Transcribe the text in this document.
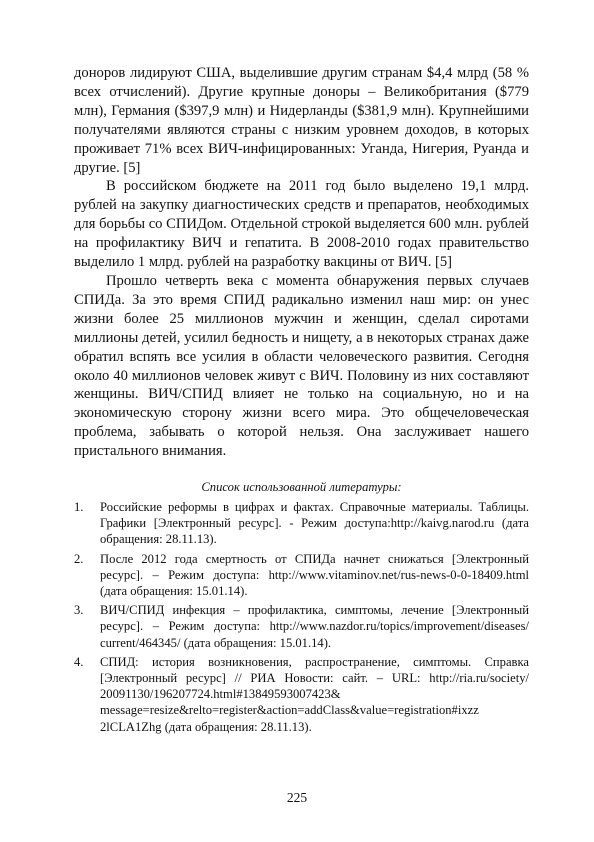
донoров лидируют США, выделившие другим странам $4,4 млрд (58 % всех отчислений). Другие крупные доноры – Великобритания ($779 млн), Германия ($397,9 млн) и Нидерланды ($381,9 млн). Крупнейшими получателями являются страны с низким уровнем доходов, в которых проживает 71% всех ВИЧ-инфицированных: Уганда, Нигерия, Руанда и другие. [5]

В российском бюджете на 2011 год было выделено 19,1 млрд. рублей на закупку диагностических средств и препаратов, необходимых для борьбы со СПИДом. Отдельной строкой выделяется 600 млн. рублей на профилактику ВИЧ и гепатита. В 2008-2010 годах правительство выделило 1 млрд. рублей на разработку вакцины от ВИЧ. [5]

Прошло четверть века с момента обнаружения первых случаев СПИДа. За это время СПИД радикально изменил наш мир: он унес жизни более 25 миллионов мужчин и женщин, сделал сиротами миллионы детей, усилил бедность и нищету, а в некоторых странах даже обратил вспять все усилия в области человеческого развития. Сегодня около 40 миллионов человек живут с ВИЧ. Половину из них составляют женщины. ВИЧ/СПИД влияет не только на социальную, но и на экономическую сторону жизни всего мира. Это общечеловеческая проблема, забывать о которой нельзя. Она заслуживает нашего пристального внимания.

Список использованной литературы:
1. Российские реформы в цифрах и фактах. Справочные материалы. Таблицы. Графики [Электронный ресурс]. - Режим доступа:http://kaivg.narod.ru (дата обращения: 28.11.13).
2. После 2012 года смертность от СПИДа начнет снижаться [Электронный ресурс]. – Режим доступа: http://www.vitaminov.net/rus-news-0-0-18409.html (дата обращения: 15.01.14).
3. ВИЧ/СПИД инфекция – профилактика, симптомы, лечение [Электронный ресурс]. – Режим доступа: http://www.nazdor.ru/topics/improvement/diseases/ current/464345/ (дата обращения: 15.01.14).
4. СПИД: история возникновения, распространение, симптомы. Справка [Электронный ресурс] // РИА Новости: сайт. – URL: http://ria.ru/society/ 20091130/196207724.html#13849593007423& message=resize&relto=register&action=addClass&value=registration#ixzz 2lCLA1Zhg (дата обращения: 28.11.13).
225
